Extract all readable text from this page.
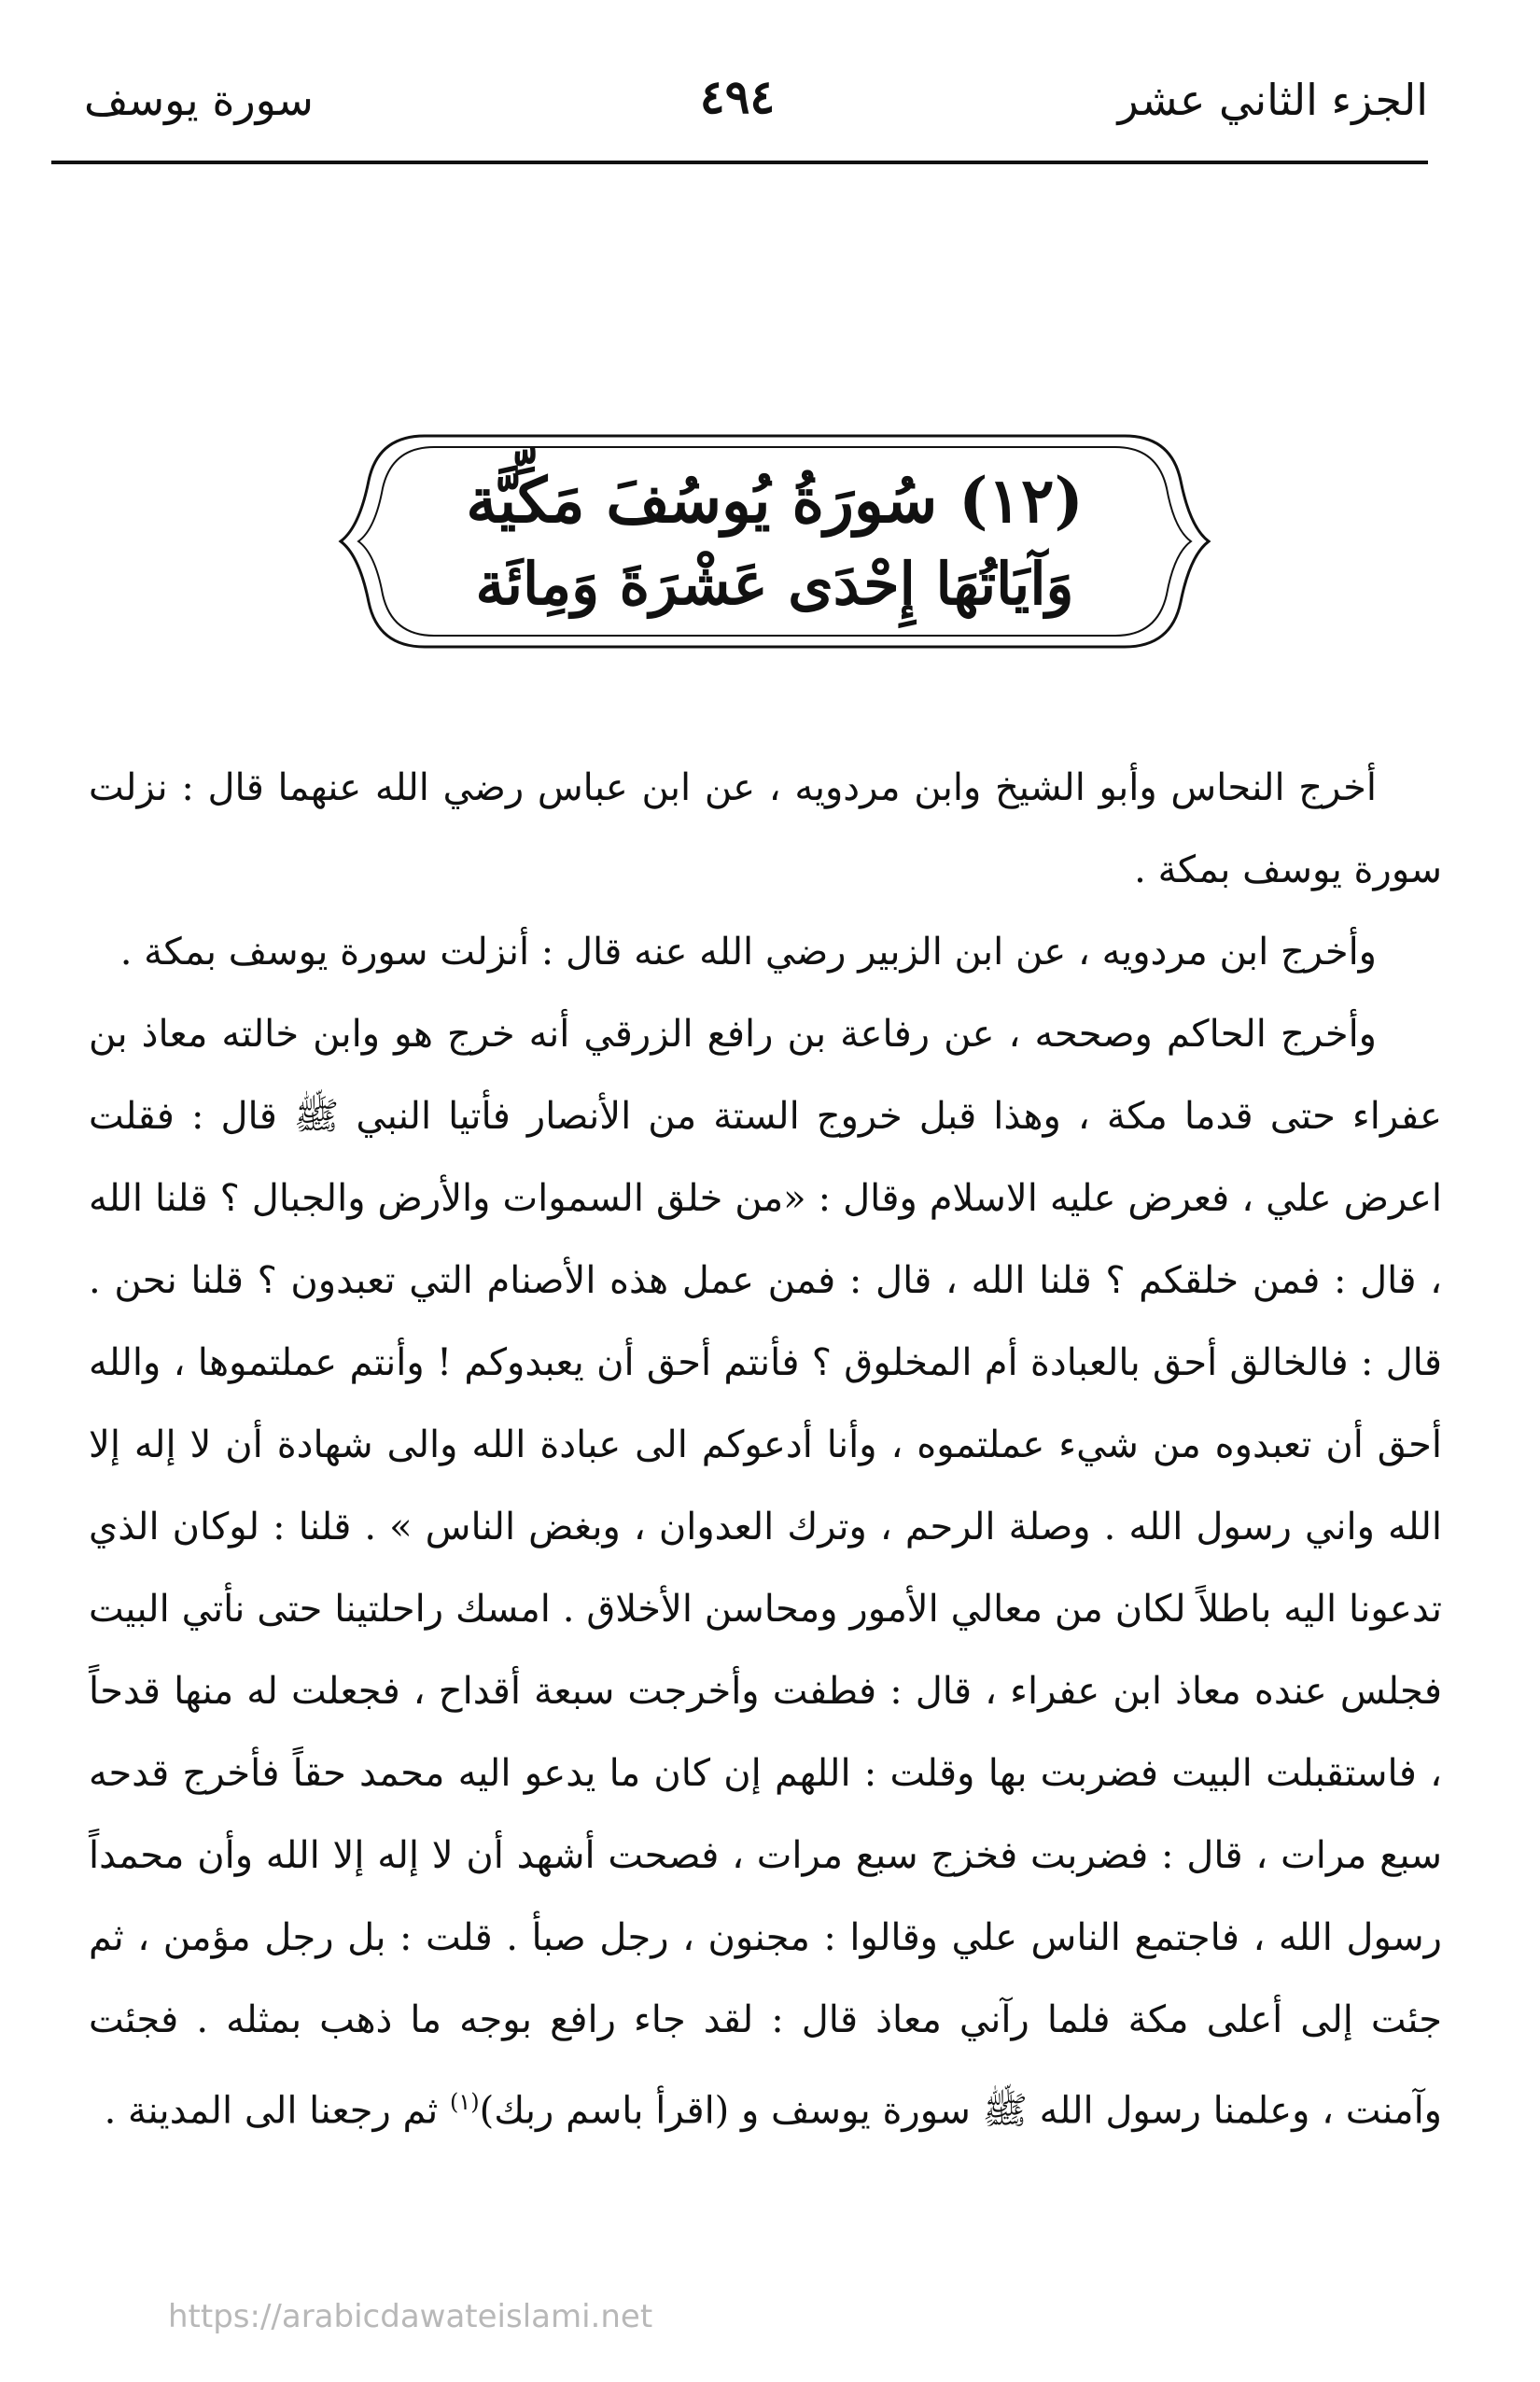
الجزء الثاني عشر
٤٩٤
سورة يوسف
(١٢) سُورَةُ يُوسُفَ مَكِّيَّة
وَآيَاتُهَا إِحْدَى عَشْرَةَ وَمِائَة

أخرج النحاس وأبو الشيخ وابن مردويه ، عن ابن عباس رضي الله عنهما قال : نزلت سورة يوسف بمكة .

وأخرج ابن مردويه ، عن ابن الزبير رضي الله عنه قال : أنزلت سورة يوسف بمكة .

وأخرج الحاكم وصححه ، عن رفاعة بن رافع الزرقي أنه خرج هو وابن خالته معاذ بن عفراء حتى قدما مكة ، وهذا قبل خروج الستة من الأنصار فأتيا النبي ﷺ قال : فقلت اعرض علي ، فعرض عليه الاسلام وقال : «من خلق السموات والأرض والجبال ؟ قلنا الله ، قال : فمن خلقكم ؟ قلنا الله ، قال : فمن عمل هذه الأصنام التي تعبدون ؟ قلنا نحن . قال : فالخالق أحق بالعبادة أم المخلوق ؟ فأنتم أحق أن يعبدوكم ! وأنتم عملتموها ، والله أحق أن تعبدوه من شيء عملتموه ، وأنا أدعوكم الى عبادة الله والى شهادة أن لا إله إلا الله واني رسول الله . وصلة الرحم ، وترك العدوان ، وبغض الناس » . قلنا : لوكان الذي تدعونا اليه باطلاً لكان من معالي الأمور ومحاسن الأخلاق . امسك راحلتينا حتى نأتي البيت فجلس عنده معاذ ابن عفراء ، قال : فطفت وأخرجت سبعة أقداح ، فجعلت له منها قدحاً ، فاستقبلت البيت فضربت بها وقلت : اللهم إن كان ما يدعو اليه محمد حقاً فأخرج قدحه سبع مرات ، قال : فضربت فخزج سبع مرات ، فصحت أشهد أن لا إله إلا الله وأن محمداً رسول الله ، فاجتمع الناس علي وقالوا : مجنون ، رجل صبأ . قلت : بل رجل مؤمن ، ثم جئت إلى أعلى مكة فلما رآني معاذ قال : لقد جاء رافع بوجه ما ذهب بمثله . فجئت وآمنت ، وعلمنا رسول الله ﷺ سورة يوسف و (اقرأ باسم ربك)$^{(١)}$ ثم رجعنا الى المدينة .

https://arabicdawateislami.net
